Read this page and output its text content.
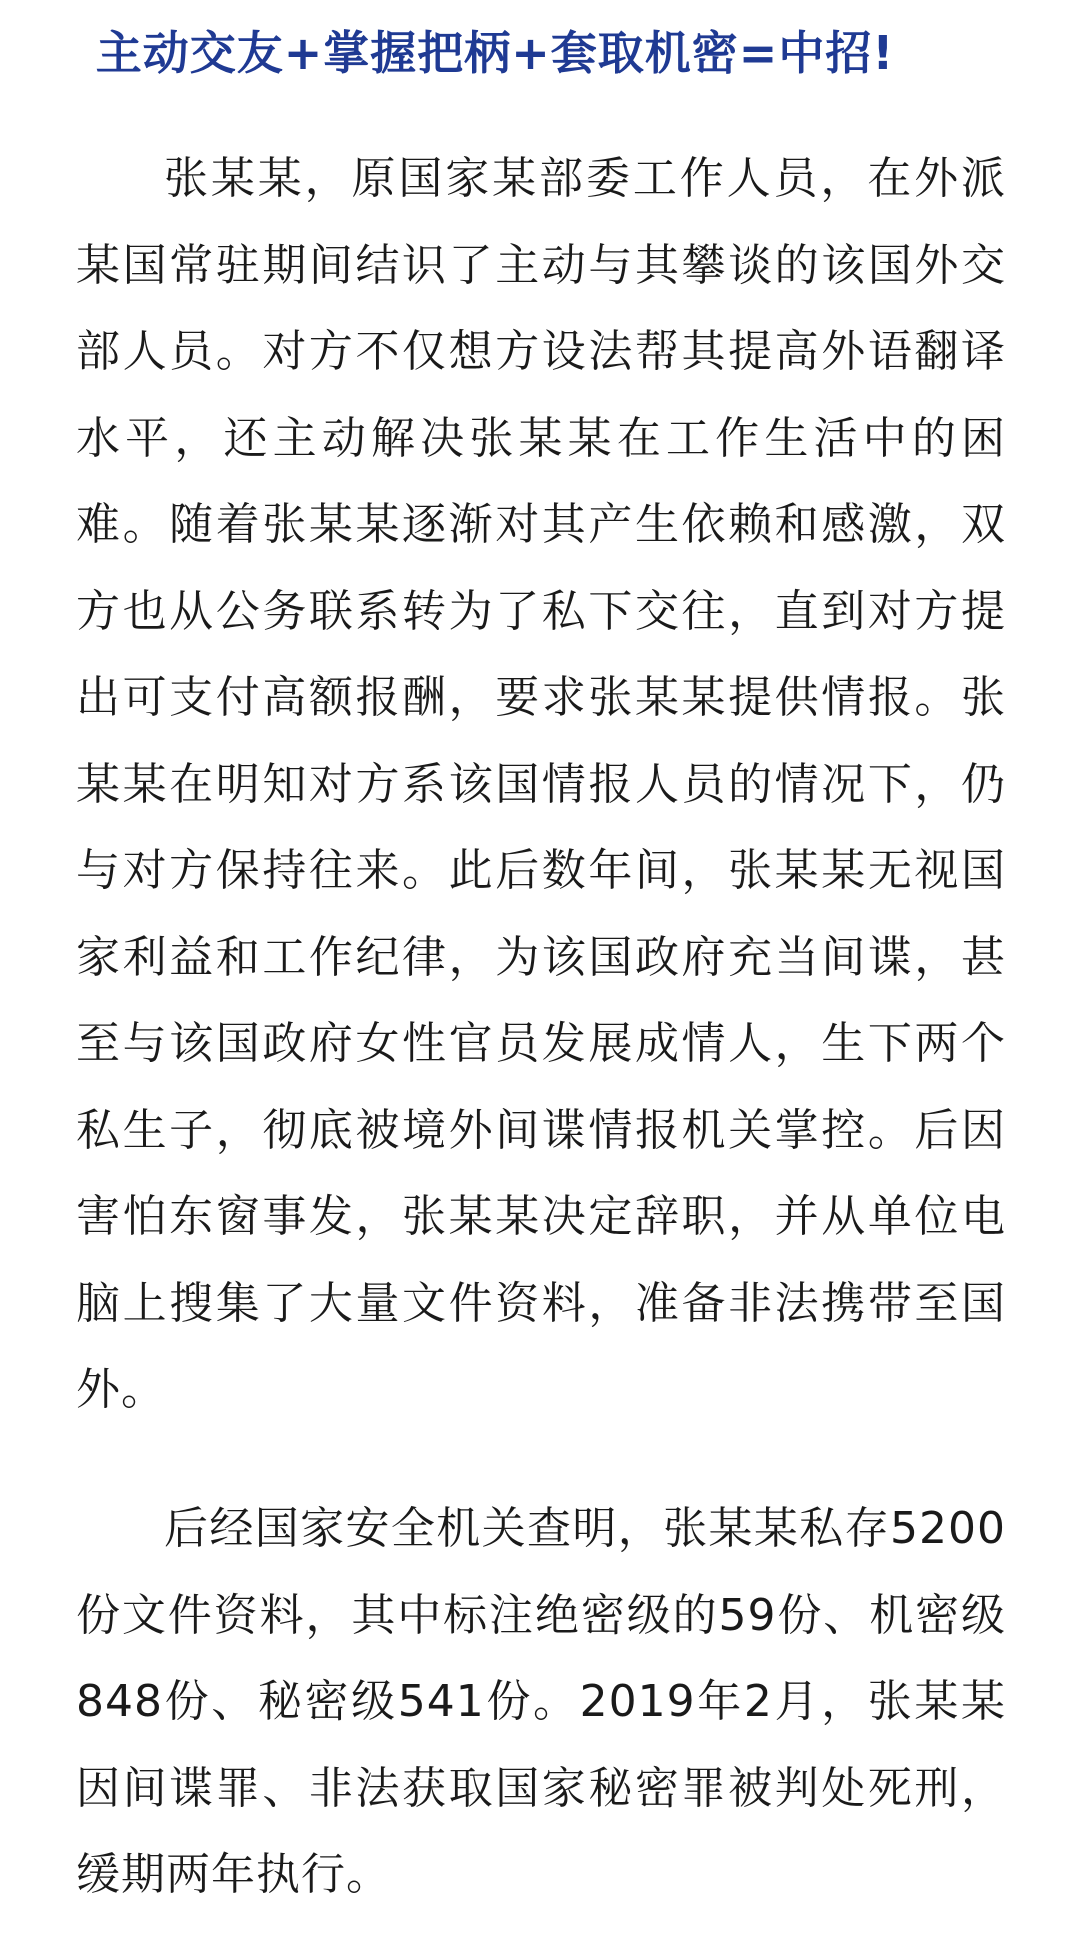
主动交友+掌握把柄+套取机密=中招!

张某某，原国家某部委工作人员，在外派某国常驻期间结识了主动与其攀谈的该国外交部人员。对方不仅想方设法帮其提高外语翻译水平，还主动解决张某某在工作生活中的困难。随着张某某逐渐对其产生依赖和感激，双方也从公务联系转为了私下交往，直到对方提出可支付高额报酬，要求张某某提供情报。张某某在明知对方系该国情报人员的情况下，仍与对方保持往来。此后数年间，张某某无视国家利益和工作纪律，为该国政府充当间谍，甚至与该国政府女性官员发展成情人，生下两个私生子，彻底被境外间谍情报机关掌控。后因害怕东窗事发，张某某决定辞职，并从单位电脑上搜集了大量文件资料，准备非法携带至国外。

后经国家安全机关查明，张某某私存5200份文件资料，其中标注绝密级的59份、机密级848份、秘密级541份。2019年2月，张某某因间谍罪、非法获取国家秘密罪被判处死刑，缓期两年执行。
